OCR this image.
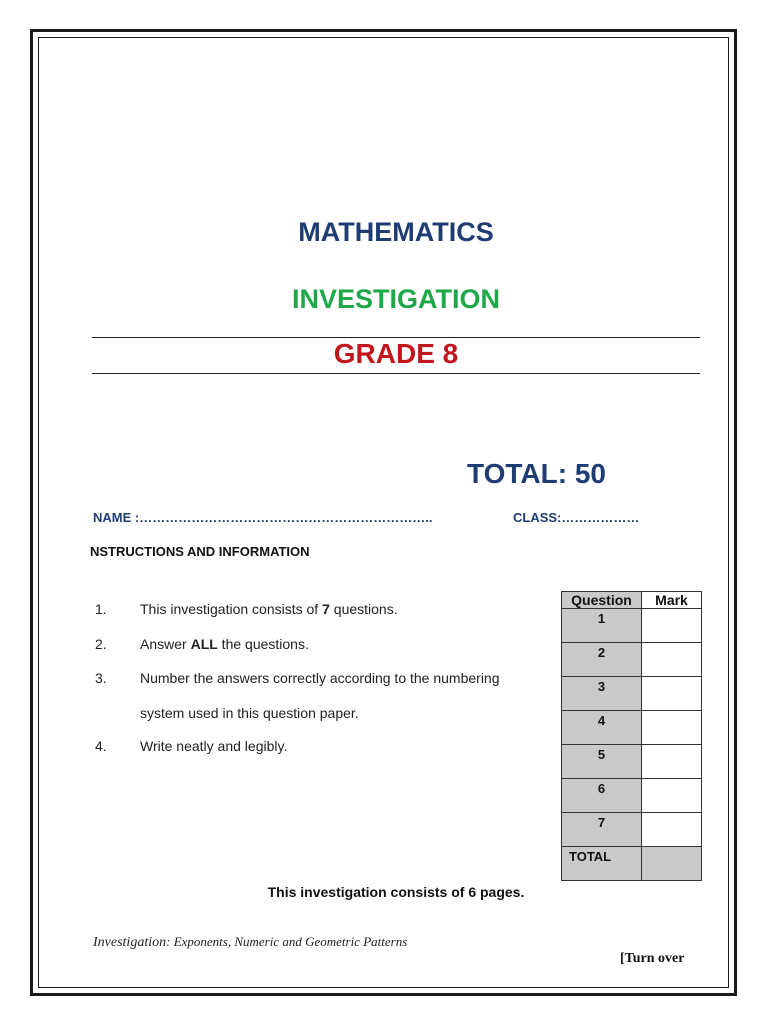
MATHEMATICS
INVESTIGATION
GRADE 8
TOTAL: 50
NAME :…………………………………………………………..	CLASS:………………
NSTRUCTIONS AND INFORMATION
1. This investigation consists of 7 questions.
2. Answer ALL the questions.
3. Number the answers correctly according to the numbering
system used in this question paper.
4. Write neatly and legibly.
Question	Mark
1	
2	
3	
4	
5	
6	
7	
TOTAL	
This investigation consists of 6 pages.
Investigation: Exponents, Numeric and Geometric Patterns
[Turn over
